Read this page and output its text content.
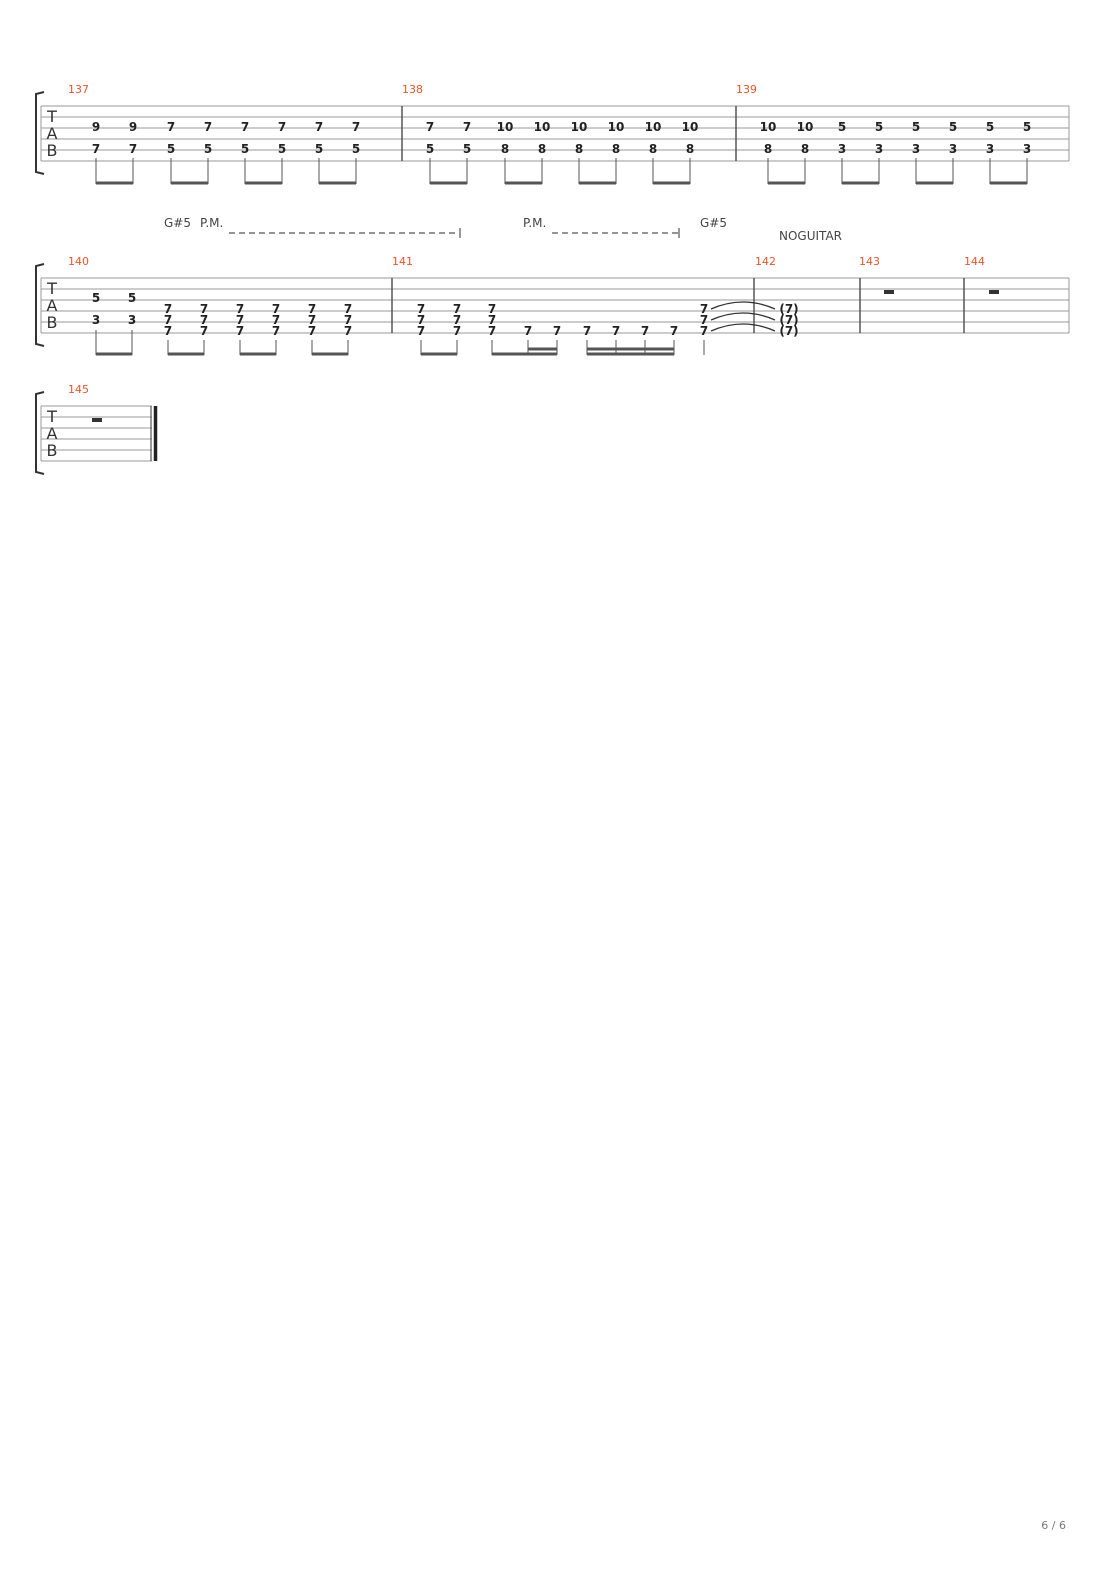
T
A
B
137	138	139
9
7
9
7
7
5
7
5
7
5
7
5
7
5
7
5
7
5
7
5
10
8
10
8
10
8
10
8
10
8
10
8
10
8
10
8
5
3
5
3
5
3
5
3
5
3
5
3
G#5 P.M.	P.M.	G#5
NOGUITAR
T
A
B
140	141	142	143	144
5
3
5
3
7
7
7
7
7
7
7
7
7
7
7
7
7
7
7
7
7
7
7
7
7
7
7
7
7
7
7 7 7 7 7 7 7
7
7
7
(7)
(7)
(7)
T
A
B
145
6 / 6
